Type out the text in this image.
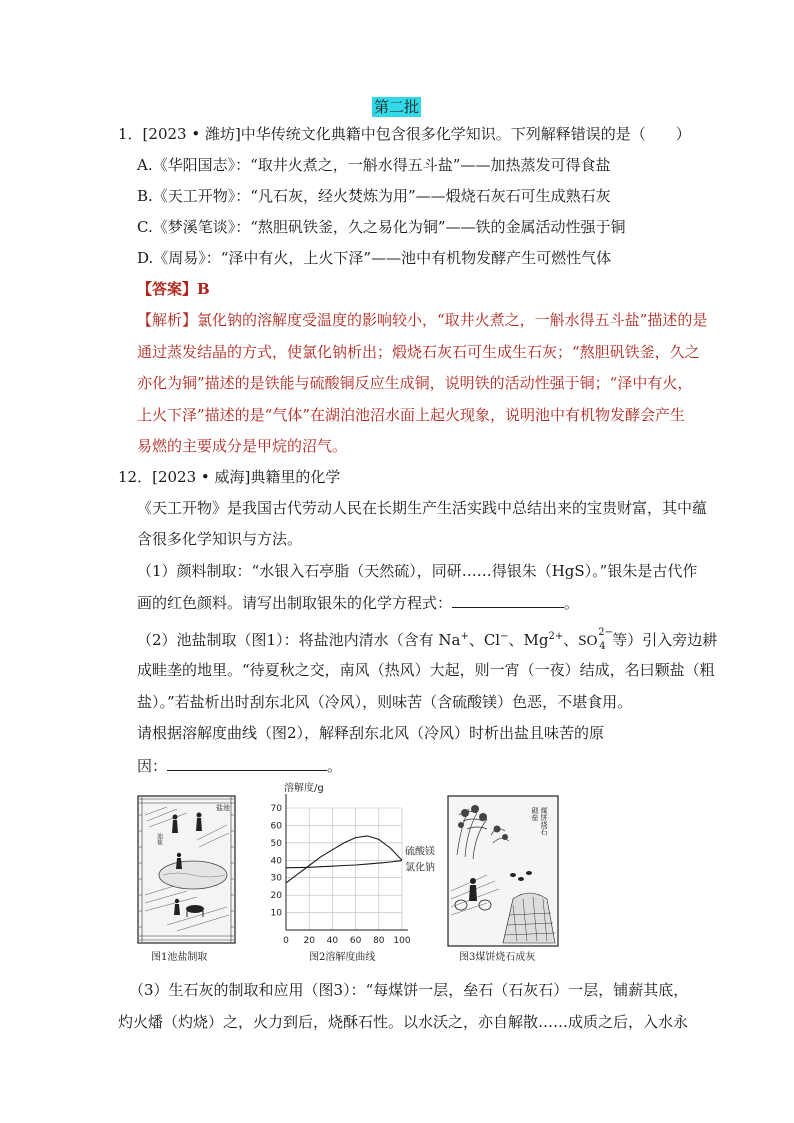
第二批
1．[2023 • 潍坊]中华传统文化典籍中包含很多化学知识。下列解释错误的是（　　）
A.《华阳国志》：“取井火煮之，一斛水得五斗盐”——加热蒸发可得食盐
B.《天工开物》：“凡石灰，经火焚炼为用”——煅烧石灰石可生成熟石灰
C.《梦溪笔谈》：“熬胆矾铁釜，久之易化为铜”——铁的金属活动性强于铜
D.《周易》：“泽中有火，上火下泽”——池中有机物发酵产生可燃性气体
【答案】B
【解析】氯化钠的溶解度受温度的影响较小，“取井火煮之，一斛水得五斗盐”描述的是
通过蒸发结晶的方式，使氯化钠析出；煅烧石灰石可生成生石灰；“熬胆矾铁釜，久之
亦化为铜”描述的是铁能与硫酸铜反应生成铜，说明铁的活动性强于铜；“泽中有火，
上火下泽”描述的是“气体”在湖泊池沼水面上起火现象，说明池中有机物发酵会产生
易燃的主要成分是甲烷的沼气。
12．[2023 • 威海]典籍里的化学
《天工开物》是我国古代劳动人民在长期生产生活实践中总结出来的宝贵财富，其中蕴
含很多化学知识与方法。
（1）颜料制取：“水银入石亭脂（天然硫），同研……得银朱（HgS）。”银朱是古代作
画的红色颜料。请写出制取银朱的化学方程式：	。
（2）池盐制取（图1）：将盐池内清水（含有 Na+、Cl−、$Mg^{2+}$、SO
2−
4 等）引入旁边耕
成畦垄的地里。“待夏秋之交，南风（热风）大起，则一宵（一夜）结成，名曰颗盐（粗
盐）。”若盐析出时刮东北风（冷风），则味苦（含硫酸镁）色恶，不堪食用。
请根据溶解度曲线（图2），解释刮东北风（冷风）时析出盐且味苦的原
因：	。
盐池
池盐
图1池盐制取
10
20
30
40
50
60
70
0 20 40 60 80 100
溶解度/g
硫酸镁
氯化钠
图2溶解度曲线
煤饼烧石
砌垒
图3煤饼烧石成灰
（3）生石灰的制取和应用（图3）：“每煤饼一层，垒石（石灰石）一层，铺薪其底，
灼火燔（灼烧）之，火力到后，烧酥石性。以水沃之，亦自解散……成质之后，入水永
